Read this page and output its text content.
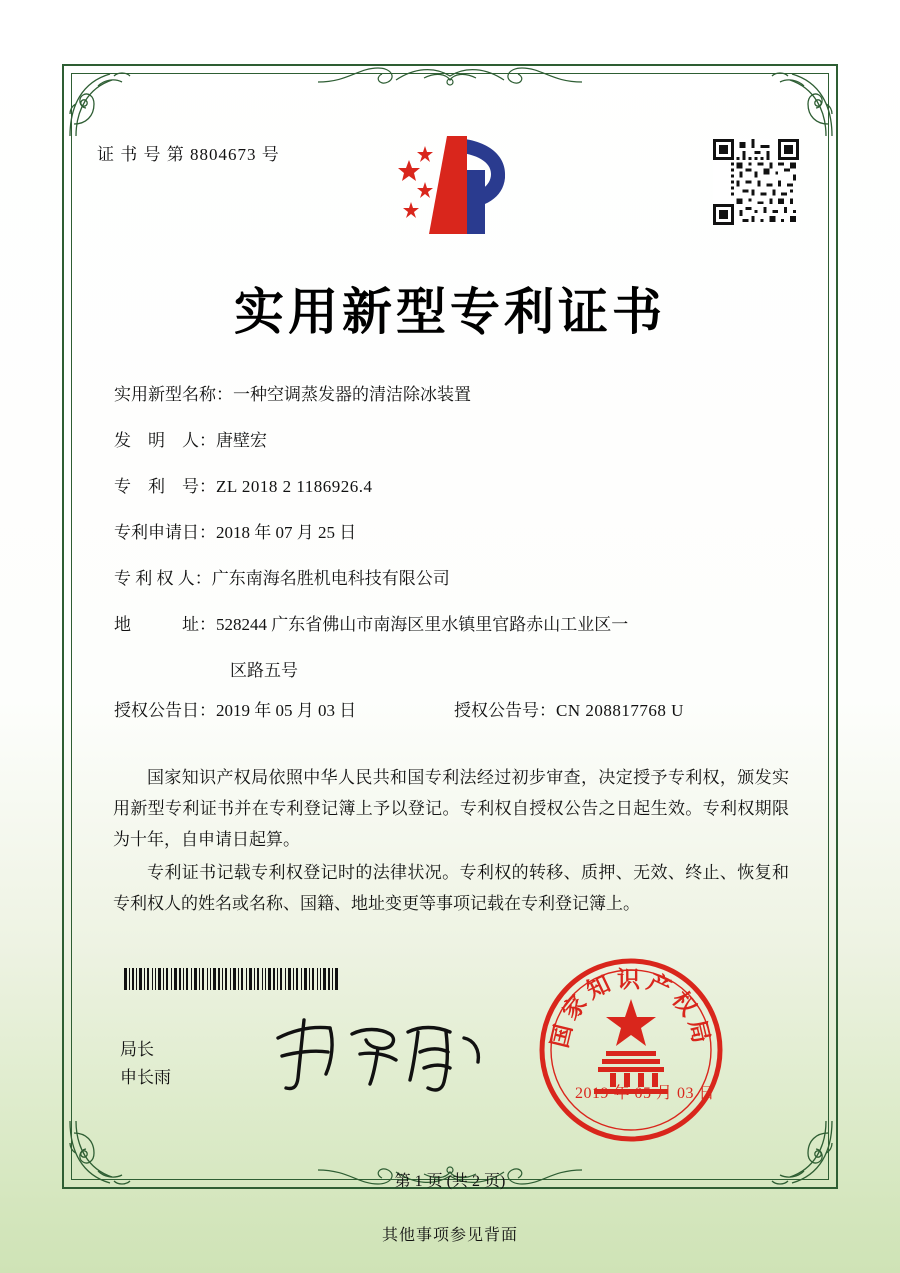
证 书 号 第 8804673 号
实用新型专利证书
实用新型名称：一种空调蒸发器的清洁除冰装置
发　明　人：唐壁宏
专　利　号：ZL 2018 2 1186926.4
专利申请日：2018 年 07 月 25 日
专 利 权 人：广东南海名胜机电科技有限公司
地　　　址：528244 广东省佛山市南海区里水镇里官路赤山工业区一
区路五号
授权公告日：2019 年 05 月 03 日	授权公告号：CN 208817768 U

国家知识产权局依照中华人民共和国专利法经过初步审查，决定授予专利权，颁发实用新型专利证书并在专利登记簿上予以登记。专利权自授权公告之日起生效。专利权期限为十年，自申请日起算。

专利证书记载专利权登记时的法律状况。专利权的转移、质押、无效、终止、恢复和专利权人的姓名或名称、国籍、地址变更等事项记载在专利登记簿上。

局长
申长雨
国家知识产权局
2019 年 05 月 03 日
第 1 页 (共 2 页)
其他事项参见背面
